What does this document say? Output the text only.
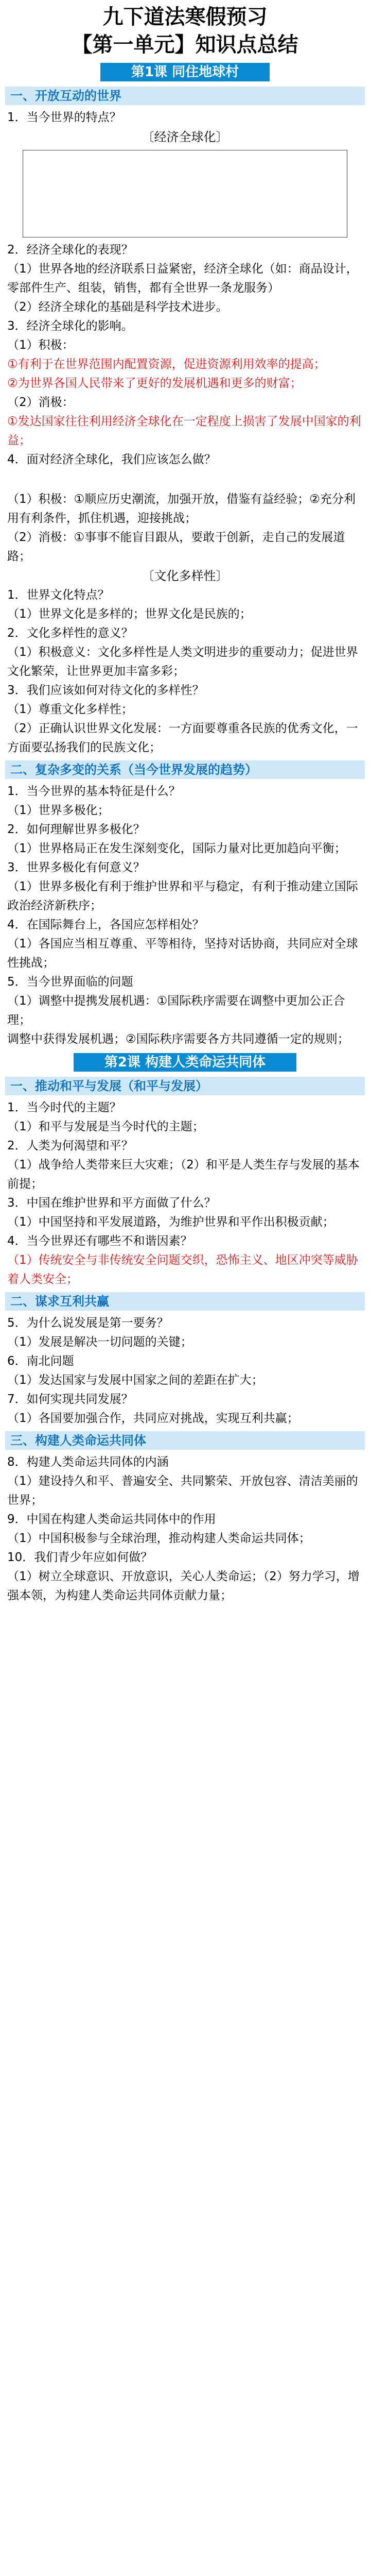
九下道法寒假预习
【第一单元】知识点总结
第1课 同住地球村
一、开放互动的世界

1．当今世界的特点？

〔经济全球化〕

2．经济全球化的表现？

（1）世界各地的经济联系日益紧密，经济全球化（如：商品设计，零部件生产、组装，销售，都有全世界一条龙服务）

（2）经济全球化的基础是科学技术进步。

3．经济全球化的影响。

（1）积极：

①有利于在世界范围内配置资源，促进资源利用效率的提高；

②为世界各国人民带来了更好的发展机遇和更多的财富；

（2）消极：

①发达国家往往利用经济全球化在一定程度上损害了发展中国家的利益；

4．面对经济全球化，我们应该怎么做？

（1）积极：①顺应历史潮流，加强开放，借鉴有益经验；②充分利用有利条件，抓住机遇，迎接挑战；

（2）消极：①事事不能盲目跟从，要敢于创新，走自己的发展道路；

〔文化多样性〕

1．世界文化特点？

（1）世界文化是多样的；世界文化是民族的；

2．文化多样性的意义？

（1）积极意义：文化多样性是人类文明进步的重要动力；促进世界文化繁荣，让世界更加丰富多彩；

3．我们应该如何对待文化的多样性？

（1）尊重文化多样性；

（2）正确认识世界文化发展：一方面要尊重各民族的优秀文化，一方面要弘扬我们的民族文化；

二、复杂多变的关系（当今世界发展的趋势）

1．当今世界的基本特征是什么？

（1）世界多极化；

2．如何理解世界多极化？

（1）世界格局正在发生深刻变化，国际力量对比更加趋向平衡；

3．世界多极化有何意义？

（1）世界多极化有利于维护世界和平与稳定，有利于推动建立国际政治经济新秩序；

4．在国际舞台上，各国应怎样相处？

（1）各国应当相互尊重、平等相待，坚持对话协商，共同应对全球性挑战；

5．当今世界面临的问题

（1）调整中提携发展机遇：①国际秩序需要在调整中更加公正合理；

调整中获得发展机遇；②国际秩序需要各方共同遵循一定的规则；

第2课 构建人类命运共同体
一、推动和平与发展（和平与发展）

1．当今时代的主题？

（1）和平与发展是当今时代的主题；

2．人类为何渴望和平？

（1）战争给人类带来巨大灾难；（2）和平是人类生存与发展的基本前提；

3．中国在维护世界和平方面做了什么？

（1）中国坚持和平发展道路，为维护世界和平作出积极贡献；

4．当今世界还有哪些不和谐因素？

（1）传统安全与非传统安全问题交织，恐怖主义、地区冲突等威胁着人类安全；

二、谋求互利共赢

5．为什么说发展是第一要务？

（1）发展是解决一切问题的关键；

6．南北问题

（1）发达国家与发展中国家之间的差距在扩大；

7．如何实现共同发展？

（1）各国要加强合作，共同应对挑战，实现互利共赢；

三、构建人类命运共同体

8．构建人类命运共同体的内涵

（1）建设持久和平、普遍安全、共同繁荣、开放包容、清洁美丽的世界；

9．中国在构建人类命运共同体中的作用

（1）中国积极参与全球治理，推动构建人类命运共同体；

10．我们青少年应如何做？

（1）树立全球意识、开放意识，关心人类命运；（2）努力学习，增强本领，为构建人类命运共同体贡献力量；
